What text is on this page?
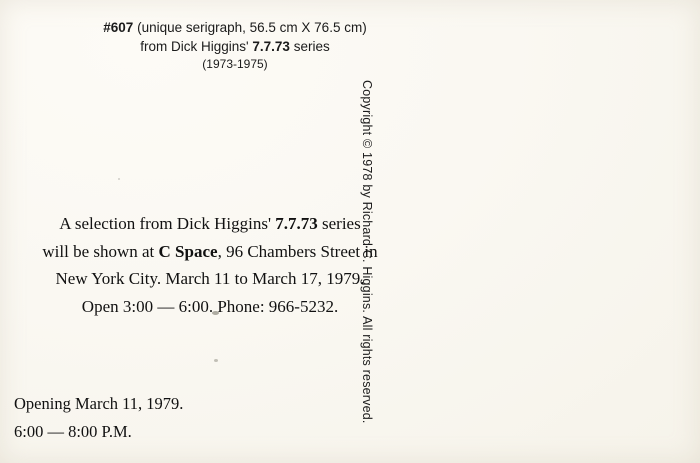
#607 (unique serigraph, 56.5 cm X 76.5 cm)
from Dick Higgins' 7.7.73 series
(1973-1975)
Copyright © 1978 by Richard C. Higgins. All rights reserved.
A selection from Dick Higgins' 7.7.73 series
will be shown at C Space, 96 Chambers Street in
New York City. March 11 to March 17, 1979.
Open 3:00 — 6:00. Phone: 966-5232.
Opening March 11, 1979.
6:00 — 8:00 P.M.
